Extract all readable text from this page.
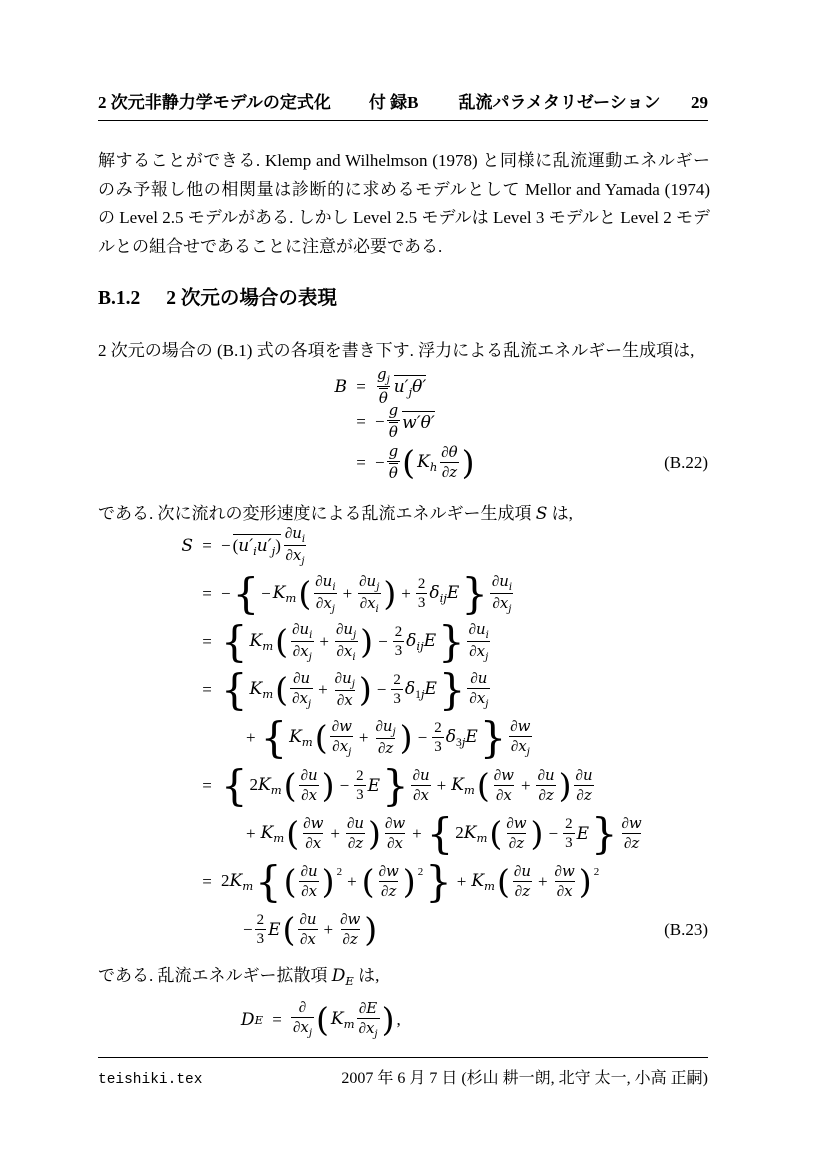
2 次元非静力学モデルの定式化 付 録B 乱流パラメタリゼーション 29
解することができる. Klemp and Wilhelmson (1978) と同様に乱流運動エネルギーのみ予報し他の相関量は診断的に求めるモデルとして Mellor and Yamada (1974) の Level 2.5 モデルがある. しかし Level 2.5 モデルは Level 3 モデルと Level 2 モデルとの組合せであることに注意が必要である.
B.1.2 2 次元の場合の表現
2 次元の場合の (B.1) 式の各項を書き下す. 浮力による乱流エネルギー生成項は,
B =
$g_j$
θ
$u'_j\theta'$
= − $\frac{g}{\theta} w'\theta'$
= − $\frac{g}{\theta}$ ( $K_h$
∂θ
∂z )	(B.22)
である. 次に流れの変形速度による乱流エネルギー生成項 S は,
S = − $(u'_iu'_j)$
$\partial u_i$
$\partial x_j$
= − { − $K_m$ ( $\partial u_i$
$\partial x_j$
+ $\frac{\partial u_j}{\partial x_i}$ ) + $\frac{2}{3} \delta_{ij}E$ } $\partial u_i$
$\partial x_j$
= { $K_m$ ( $\partial u_i$
$\partial x_j$
+ $\frac{\partial u_j}{\partial x_i}$ ) − $\frac{2}{3} \delta_{ij}E$ } $\partial u_i$
$\partial x_j$
= { $K_m$ ( ∂u
$\partial x_j$
+ $\frac{\partial u_j}{\partial x}$ ) − $\frac{2}{3} \delta_{1j}E$ } ∂u
$\partial x_j$
+ { $K_m$ ( ∂w
$\partial x_j$
+ $\frac{\partial u_j}{\partial z}$ ) − $\frac{2}{3} \delta_{3j}E$ } ∂w
$\partial x_j$
= { $2K_m$ ( ∂u
∂x ) − $\frac{2}{3}$ E } ∂u
$\partial x + K_m$ ( ∂w
$\partial x + \frac{\partial u}{\partial z}$ ) ∂u
∂z
+ $K_m$ ( ∂w
$\partial x + \frac{\partial u}{\partial z}$ ) ∂w
∂x + { $2K_m$ ( ∂w
∂z ) − $\frac{2}{3}$ E } ∂w
∂z
= $2K_m$ { ( ∂u
∂x ) 2 + ( ∂w
∂z ) 2 } + $K_m$ ( ∂u
$\partial z + \frac{\partial w}{\partial x}$ ) 2
− $\frac{2}{3}$ E ( ∂u
$\partial x + \frac{\partial w}{\partial z}$ )	(B.23)
である. 乱流エネルギー拡散項 $D_E$ は,
D E =
∂
$\partial x_j$ ( $K_m$
∂E
$\partial x_j$ ) ,
teishiki.tex	2007 年 6 月 7 日 (杉山 耕一朗, 北守 太一, 小高 正嗣)
